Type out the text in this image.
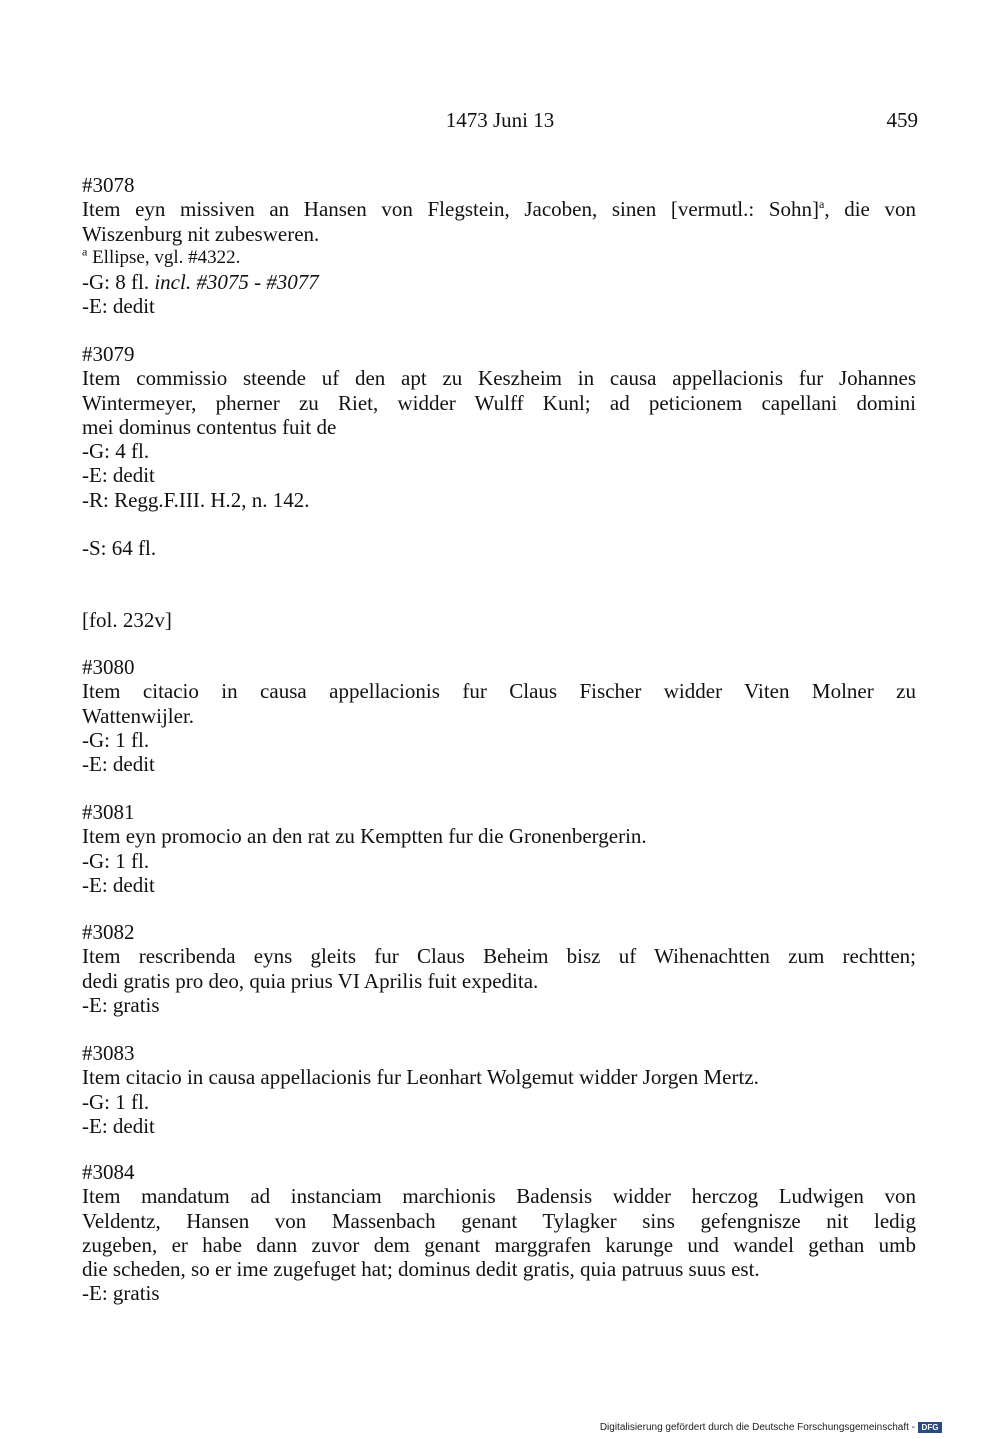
1473 Juni 13	459
#3078
Item eyn missiven an Hansen von Flegstein, Jacoben, sinen [vermutl.: Sohn]$^a$, die von
Wiszenburg nit zubesweren.
$^a$ Ellipse, vgl. #4322.
-G: 8 fl. incl. #3075 - #3077
-E: dedit
#3079
Item commissio steende uf den apt zu Keszheim in causa appellacionis fur Johannes
Wintermeyer, pherner zu Riet, widder Wulff Kunl; ad peticionem capellani domini
mei dominus contentus fuit de
-G: 4 fl.
-E: dedit
-R: Regg.F.III. H.2, n. 142.
-S: 64 fl.
[fol. 232v]
#3080
Item citacio in causa appellacionis fur Claus Fischer widder Viten Molner zu
Wattenwijler.
-G: 1 fl.
-E: dedit
#3081
Item eyn promocio an den rat zu Kemptten fur die Gronenbergerin.
-G: 1 fl.
-E: dedit
#3082
Item rescribenda eyns gleits fur Claus Beheim bisz uf Wihenachtten zum rechtten;
dedi gratis pro deo, quia prius VI Aprilis fuit expedita.
-E: gratis
#3083
Item citacio in causa appellacionis fur Leonhart Wolgemut widder Jorgen Mertz.
-G: 1 fl.
-E: dedit
#3084
Item mandatum ad instanciam marchionis Badensis widder herczog Ludwigen von
Veldentz, Hansen von Massenbach genant Tylagker sins gefengnisze nit ledig
zugeben, er habe dann zuvor dem genant marggrafen karunge und wandel gethan umb
die scheden, so er ime zugefuget hat; dominus dedit gratis, quia patruus suus est.
-E: gratis
Digitalisierung gefördert durch die Deutsche Forschungsgemeinschaft - DFG
